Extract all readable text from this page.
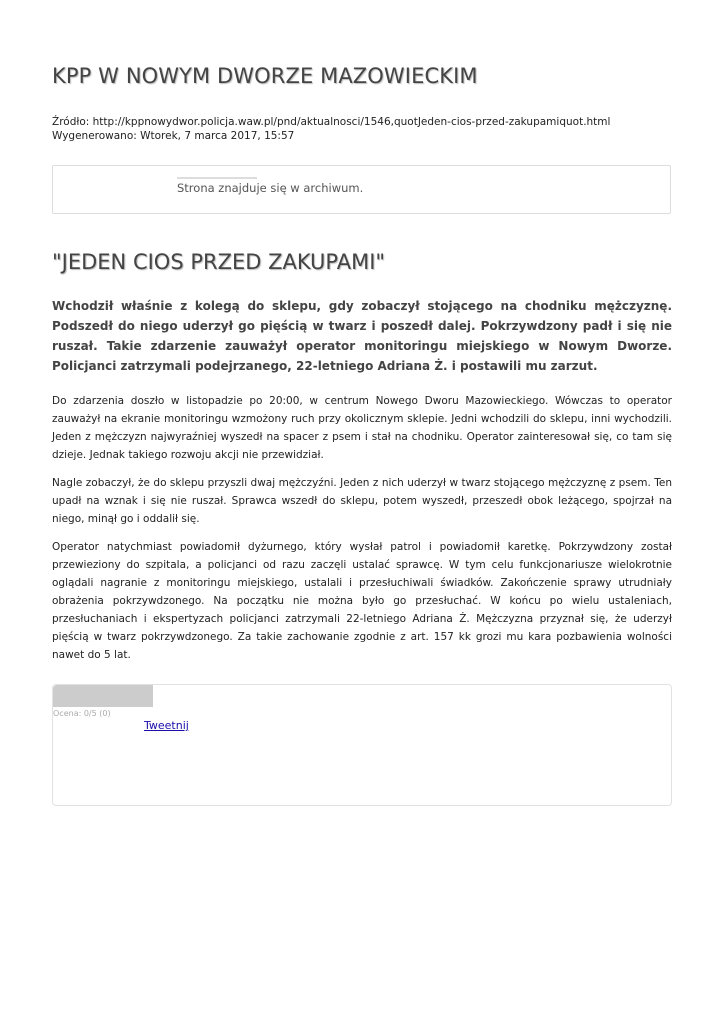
KPP W NOWYM DWORZE MAZOWIECKIM
Źródło: http://kppnowydwor.policja.waw.pl/pnd/aktualnosci/1546,quotJeden-cios-przed-zakupamiquot.html
Wygenerowano: Wtorek, 7 marca 2017, 15:57
Strona znajduje się w archiwum.
"JEDEN CIOS PRZED ZAKUPAMI"

Wchodził właśnie z kolegą do sklepu, gdy zobaczył stojącego na chodniku mężczyznę. Podszedł do niego uderzył go pięścią w twarz i poszedł dalej. Pokrzywdzony padł i się nie ruszał. Takie zdarzenie zauważył operator monitoringu miejskiego w Nowym Dworze. Policjanci zatrzymali podejrzanego, 22-letniego Adriana Ż. i postawili mu zarzut.

Do zdarzenia doszło w listopadzie po 20:00, w centrum Nowego Dworu Mazowieckiego. Wówczas to operator zauważył na ekranie monitoringu wzmożony ruch przy okolicznym sklepie. Jedni wchodzili do sklepu, inni wychodzili. Jeden z mężczyzn najwyraźniej wyszedł na spacer z psem i stał na chodniku. Operator zainteresował się, co tam się dzieje. Jednak takiego rozwoju akcji nie przewidział.

Nagle zobaczył, że do sklepu przyszli dwaj mężczyźni. Jeden z nich uderzył w twarz stojącego mężczyznę z psem. Ten upadł na wznak i się nie ruszał. Sprawca wszedł do sklepu, potem wyszedł, przeszedł obok leżącego, spojrzał na niego, minął go i oddalił się.

Operator natychmiast powiadomił dyżurnego, który wysłał patrol i powiadomił karetkę. Pokrzywdzony został przewieziony do szpitala, a policjanci od razu zaczęli ustalać sprawcę. W tym celu funkcjonariusze wielokrotnie oglądali nagranie z monitoringu miejskiego, ustalali i przesłuchiwali świadków. Zakończenie sprawy utrudniały obrażenia pokrzywdzonego. Na początku nie można było go przesłuchać. W końcu po wielu ustaleniach, przesłuchaniach i ekspertyzach policjanci zatrzymali 22-letniego Adriana Ż. Mężczyzna przyznał się, że uderzył pięścią w twarz pokrzywdzonego. Za takie zachowanie zgodnie z art. 157 kk grozi mu kara pozbawienia wolności nawet do 5 lat.

Ocena: 0/5 (0)
Tweetnij
